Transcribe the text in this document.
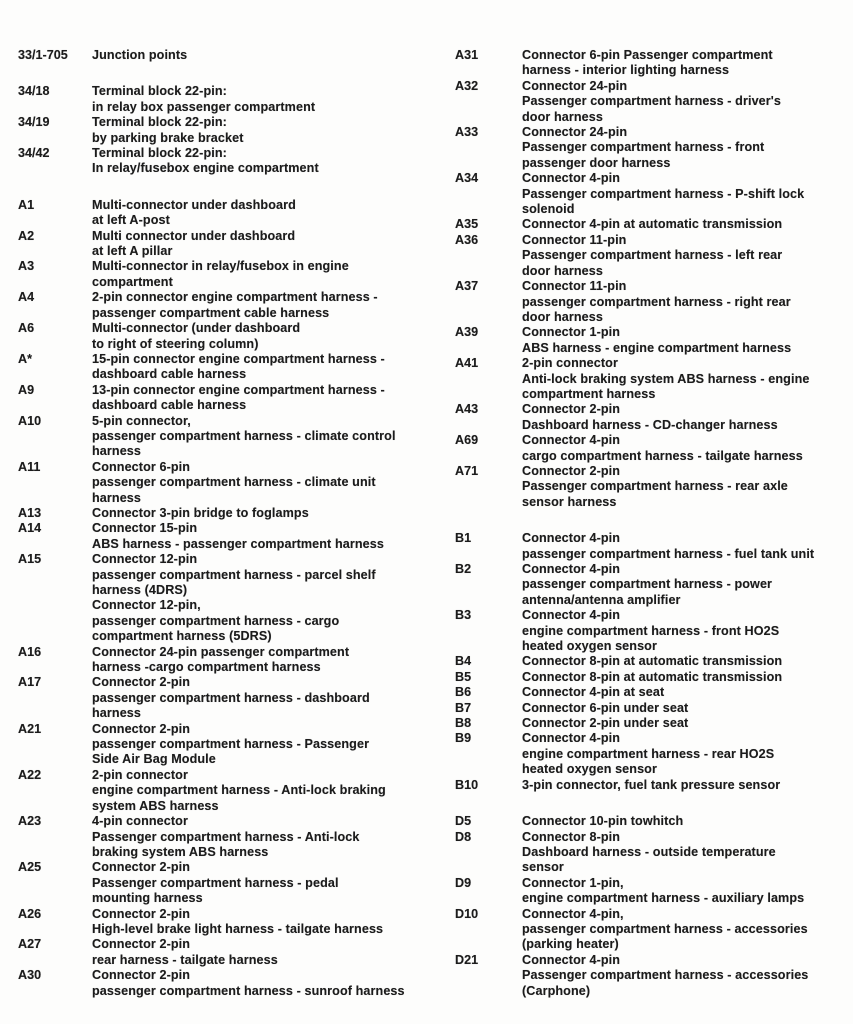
33/1-705	Junction points
34/18	Terminal block 22-pin:
in relay box passenger compartment
34/19	Terminal block 22-pin:
by parking brake bracket
34/42	Terminal block 22-pin:
In relay/fusebox engine compartment
A1	Multi-connector under dashboard
at left A-post
A2	Multi connector under dashboard
at left A pillar
A3	Multi-connector in relay/fusebox in engine
compartment
A4	2-pin connector engine compartment harness -
passenger compartment cable harness
A6	Multi-connector (under dashboard
to right of steering column)
A*	15-pin connector engine compartment harness -
dashboard cable harness
A9	13-pin connector engine compartment harness -
dashboard cable harness
A10	5-pin connector,
passenger compartment harness - climate control
harness
A11	Connector 6-pin
passenger compartment harness - climate unit
harness
A13	Connector 3-pin bridge to foglamps
A14	Connector 15-pin
ABS harness - passenger compartment harness
A15	Connector 12-pin
passenger compartment harness - parcel shelf
harness (4DRS)
Connector 12-pin,
passenger compartment harness - cargo
compartment harness (5DRS)
A16	Connector 24-pin passenger compartment
harness -cargo compartment harness
A17	Connector 2-pin
passenger compartment harness - dashboard
harness
A21	Connector 2-pin
passenger compartment harness - Passenger
Side Air Bag Module
A22	2-pin connector
engine compartment harness - Anti-lock braking
system ABS harness
A23	4-pin connector
Passenger compartment harness - Anti-lock
braking system ABS harness
A25	Connector 2-pin
Passenger compartment harness - pedal
mounting harness
A26	Connector 2-pin
High-level brake light harness - tailgate harness
A27	Connector 2-pin
rear harness - tailgate harness
A30	Connector 2-pin
passenger compartment harness - sunroof harness
A31	Connector 6-pin Passenger compartment
harness - interior lighting harness
A32	Connector 24-pin
Passenger compartment harness - driver's
door harness
A33	Connector 24-pin
Passenger compartment harness - front
passenger door harness
A34	Connector 4-pin
Passenger compartment harness - P-shift lock
solenoid
A35	Connector 4-pin at automatic transmission
A36	Connector 11-pin
Passenger compartment harness - left rear
door harness
A37	Connector 11-pin
passenger compartment harness - right rear
door harness
A39	Connector 1-pin
ABS harness - engine compartment harness
A41	2-pin connector
Anti-lock braking system ABS harness - engine
compartment harness
A43	Connector 2-pin
Dashboard harness - CD-changer harness
A69	Connector 4-pin
cargo compartment harness - tailgate harness
A71	Connector 2-pin
Passenger compartment harness - rear axle
sensor harness
B1	Connector 4-pin
passenger compartment harness - fuel tank unit
B2	Connector 4-pin
passenger compartment harness - power
antenna/antenna amplifier
B3	Connector 4-pin
engine compartment harness - front HO2S
heated oxygen sensor
B4	Connector 8-pin at automatic transmission
B5	Connector 8-pin at automatic transmission
B6	Connector 4-pin at seat
B7	Connector 6-pin under seat
B8	Connector 2-pin under seat
B9	Connector 4-pin
engine compartment harness - rear HO2S
heated oxygen sensor
B10	3-pin connector, fuel tank pressure sensor
D5	Connector 10-pin towhitch
D8	Connector 8-pin
Dashboard harness - outside temperature
sensor
D9	Connector 1-pin,
engine compartment harness - auxiliary lamps
D10	Connector 4-pin,
passenger compartment harness - accessories
(parking heater)
D21	Connector 4-pin
Passenger compartment harness - accessories
(Carphone)
